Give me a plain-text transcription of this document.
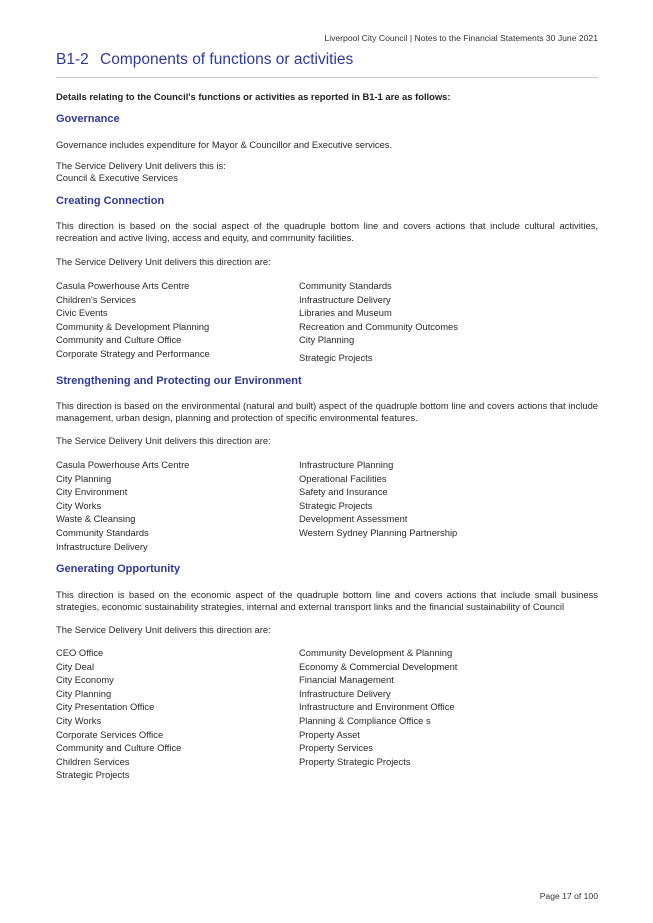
Liverpool City Council | Notes to the Financial Statements 30 June 2021
B1-2 Components of functions or activities
Details relating to the Council's functions or activities as reported in B1-1 are as follows:
Governance
Governance includes expenditure for Mayor & Councillor and Executive services.
The Service Delivery Unit delivers this is:
Council & Executive Services
Creating Connection
This direction is based on the social aspect of the quadruple bottom line and covers actions that include cultural activities, recreation and active living, access and equity, and community facilities.
The Service Delivery Unit delivers this direction are:
Casula Powerhouse Arts Centre
Children's Services
Civic Events
Community & Development Planning
Community and Culture Office
Corporate Strategy and Performance
Community Standards
Infrastructure Delivery
Libraries and Museum
Recreation and Community Outcomes
City Planning
Strategic Projects
Strengthening and Protecting our Environment
This direction is based on the environmental (natural and built) aspect of the quadruple bottom line and covers actions that include management, urban design, planning and protection of specific environmental features.
The Service Delivery Unit delivers this direction are:
Casula Powerhouse Arts Centre
City Planning
City Environment
City Works
Waste & Cleansing
Community Standards
Infrastructure Delivery
Infrastructure Planning
Operational Facilities
Safety and Insurance
Strategic Projects
Development Assessment
Western Sydney Planning Partnership
Generating Opportunity
This direction is based on the economic aspect of the quadruple bottom line and covers actions that include small business strategies, economic sustainability strategies, internal and external transport links and the financial sustainability of Council
The Service Delivery Unit delivers this direction are:
CEO Office
City Deal
City Economy
City Planning
City Presentation Office
City Works
Corporate Services Office
Community and Culture Office
Children Services
Strategic Projects
Community Development & Planning
Economy & Commercial Development
Financial Management
Infrastructure Delivery
Infrastructure and Environment Office
Planning & Compliance Office s
Property Asset
Property Services
Property Strategic Projects
Page 17 of 100
